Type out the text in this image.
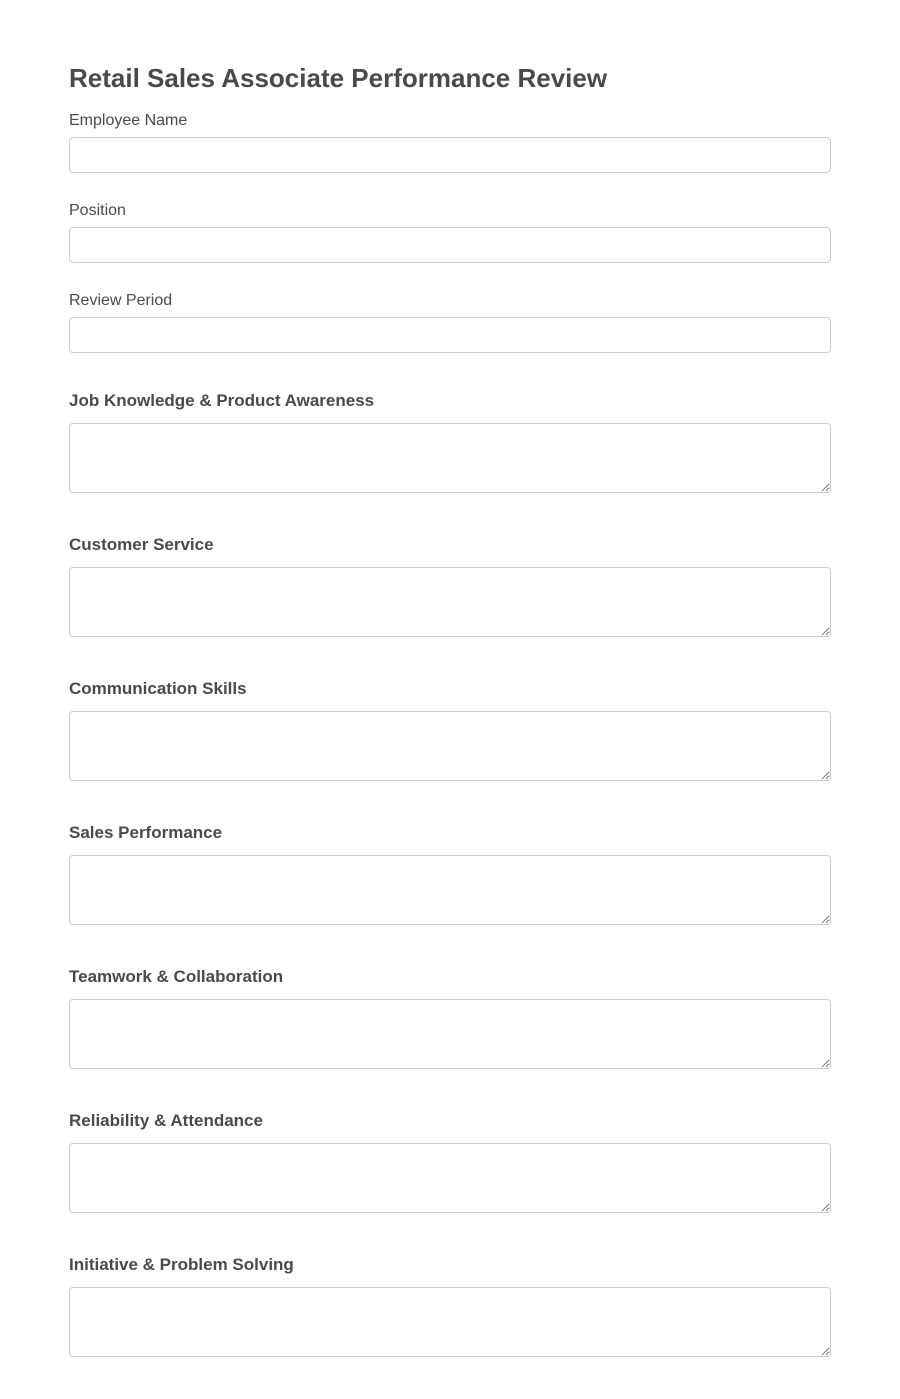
Retail Sales Associate Performance Review
Employee Name
Position
Review Period
Job Knowledge & Product Awareness
Customer Service
Communication Skills
Sales Performance
Teamwork & Collaboration
Reliability & Attendance
Initiative & Problem Solving
